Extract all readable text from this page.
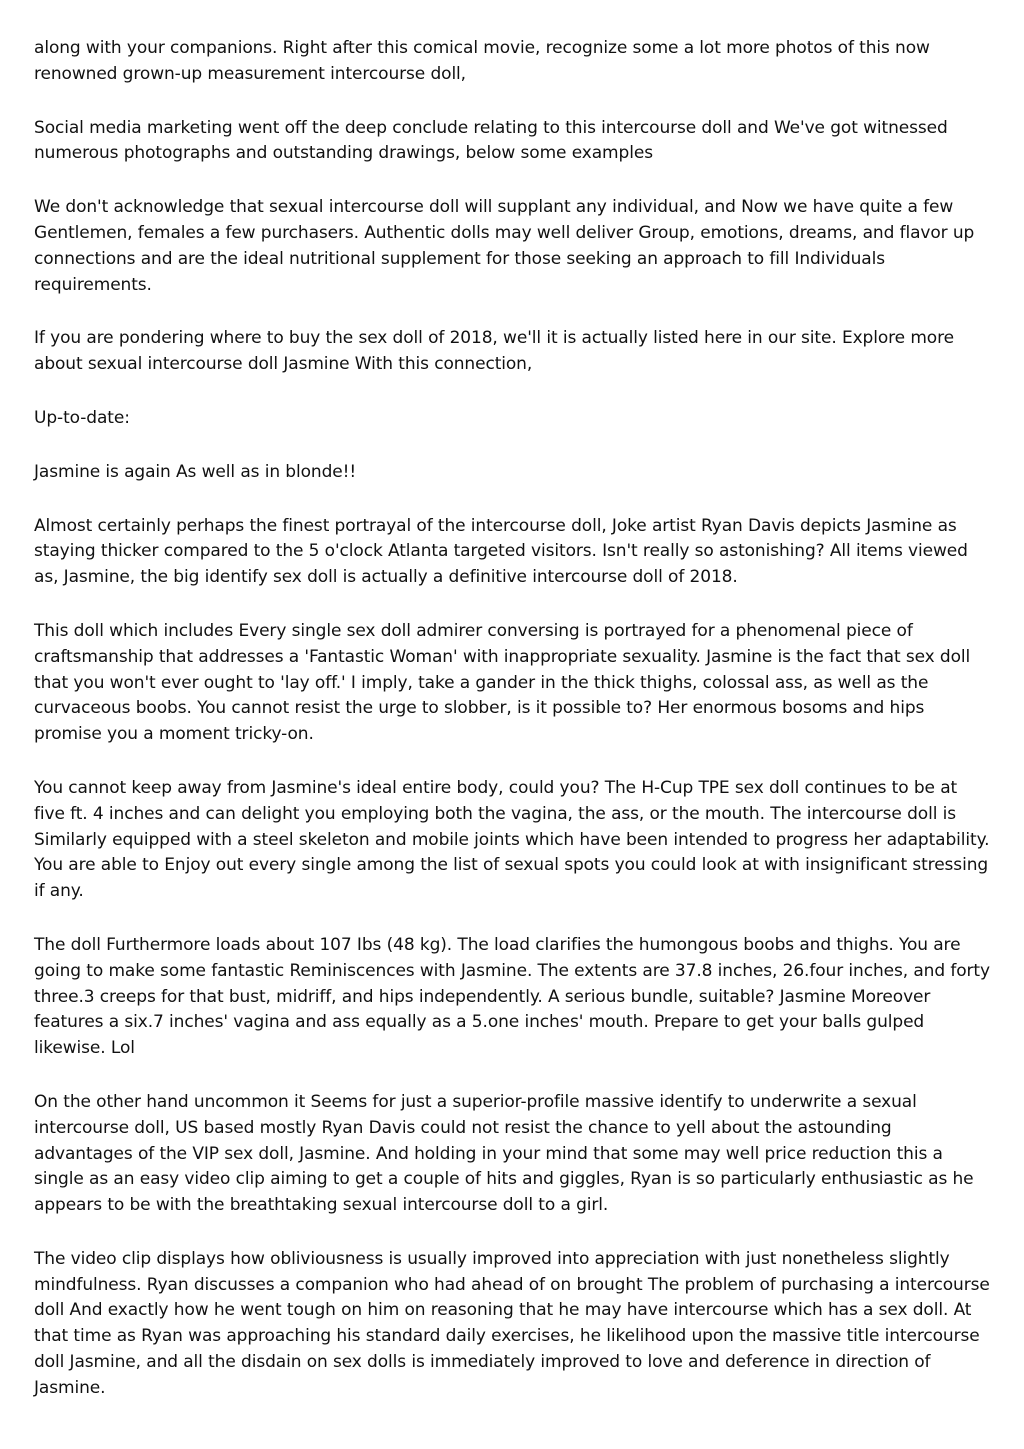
along with your companions. Right after this comical movie, recognize some a lot more photos of this now renowned grown-up measurement intercourse doll,

Social media marketing went off the deep conclude relating to this intercourse doll and We've got witnessed numerous photographs and outstanding drawings, below some examples

We don't acknowledge that sexual intercourse doll will supplant any individual, and Now we have quite a few Gentlemen, females a few purchasers. Authentic dolls may well deliver Group, emotions, dreams, and flavor up connections and are the ideal nutritional supplement for those seeking an approach to fill Individuals requirements.

If you are pondering where to buy the sex doll of 2018, we'll it is actually listed here in our site. Explore more about sexual intercourse doll Jasmine With this connection,

Up-to-date:

Jasmine is again As well as in blonde!!

Almost certainly perhaps the finest portrayal of the intercourse doll, Joke artist Ryan Davis depicts Jasmine as staying thicker compared to the 5 o'clock Atlanta targeted visitors. Isn't really so astonishing? All items viewed as, Jasmine, the big identify sex doll is actually a definitive intercourse doll of 2018.

This doll which includes Every single sex doll admirer conversing is portrayed for a phenomenal piece of craftsmanship that addresses a 'Fantastic Woman' with inappropriate sexuality. Jasmine is the fact that sex doll that you won't ever ought to 'lay off.' I imply, take a gander in the thick thighs, colossal ass, as well as the curvaceous boobs. You cannot resist the urge to slobber, is it possible to? Her enormous bosoms and hips promise you a moment tricky-on.

You cannot keep away from Jasmine's ideal entire body, could you? The H-Cup TPE sex doll continues to be at five ft. 4 inches and can delight you employing both the vagina, the ass, or the mouth. The intercourse doll is Similarly equipped with a steel skeleton and mobile joints which have been intended to progress her adaptability. You are able to Enjoy out every single among the list of sexual spots you could look at with insignificant stressing if any.

The doll Furthermore loads about 107 Ibs (48 kg). The load clarifies the humongous boobs and thighs. You are going to make some fantastic Reminiscences with Jasmine. The extents are 37.8 inches, 26.four inches, and forty three.3 creeps for that bust, midriff, and hips independently. A serious bundle, suitable? Jasmine Moreover features a six.7 inches' vagina and ass equally as a 5.one inches' mouth. Prepare to get your balls gulped likewise. Lol

On the other hand uncommon it Seems for just a superior-profile massive identify to underwrite a sexual intercourse doll, US based mostly Ryan Davis could not resist the chance to yell about the astounding advantages of the VIP sex doll, Jasmine. And holding in your mind that some may well price reduction this a single as an easy video clip aiming to get a couple of hits and giggles, Ryan is so particularly enthusiastic as he appears to be with the breathtaking sexual intercourse doll to a girl.

The video clip displays how obliviousness is usually improved into appreciation with just nonetheless slightly mindfulness. Ryan discusses a companion who had ahead of on brought The problem of purchasing a intercourse doll And exactly how he went tough on him on reasoning that he may have intercourse which has a sex doll. At that time as Ryan was approaching his standard daily exercises, he likelihood upon the massive title intercourse doll Jasmine, and all the disdain on sex dolls is immediately improved to love and deference in direction of Jasmine.
